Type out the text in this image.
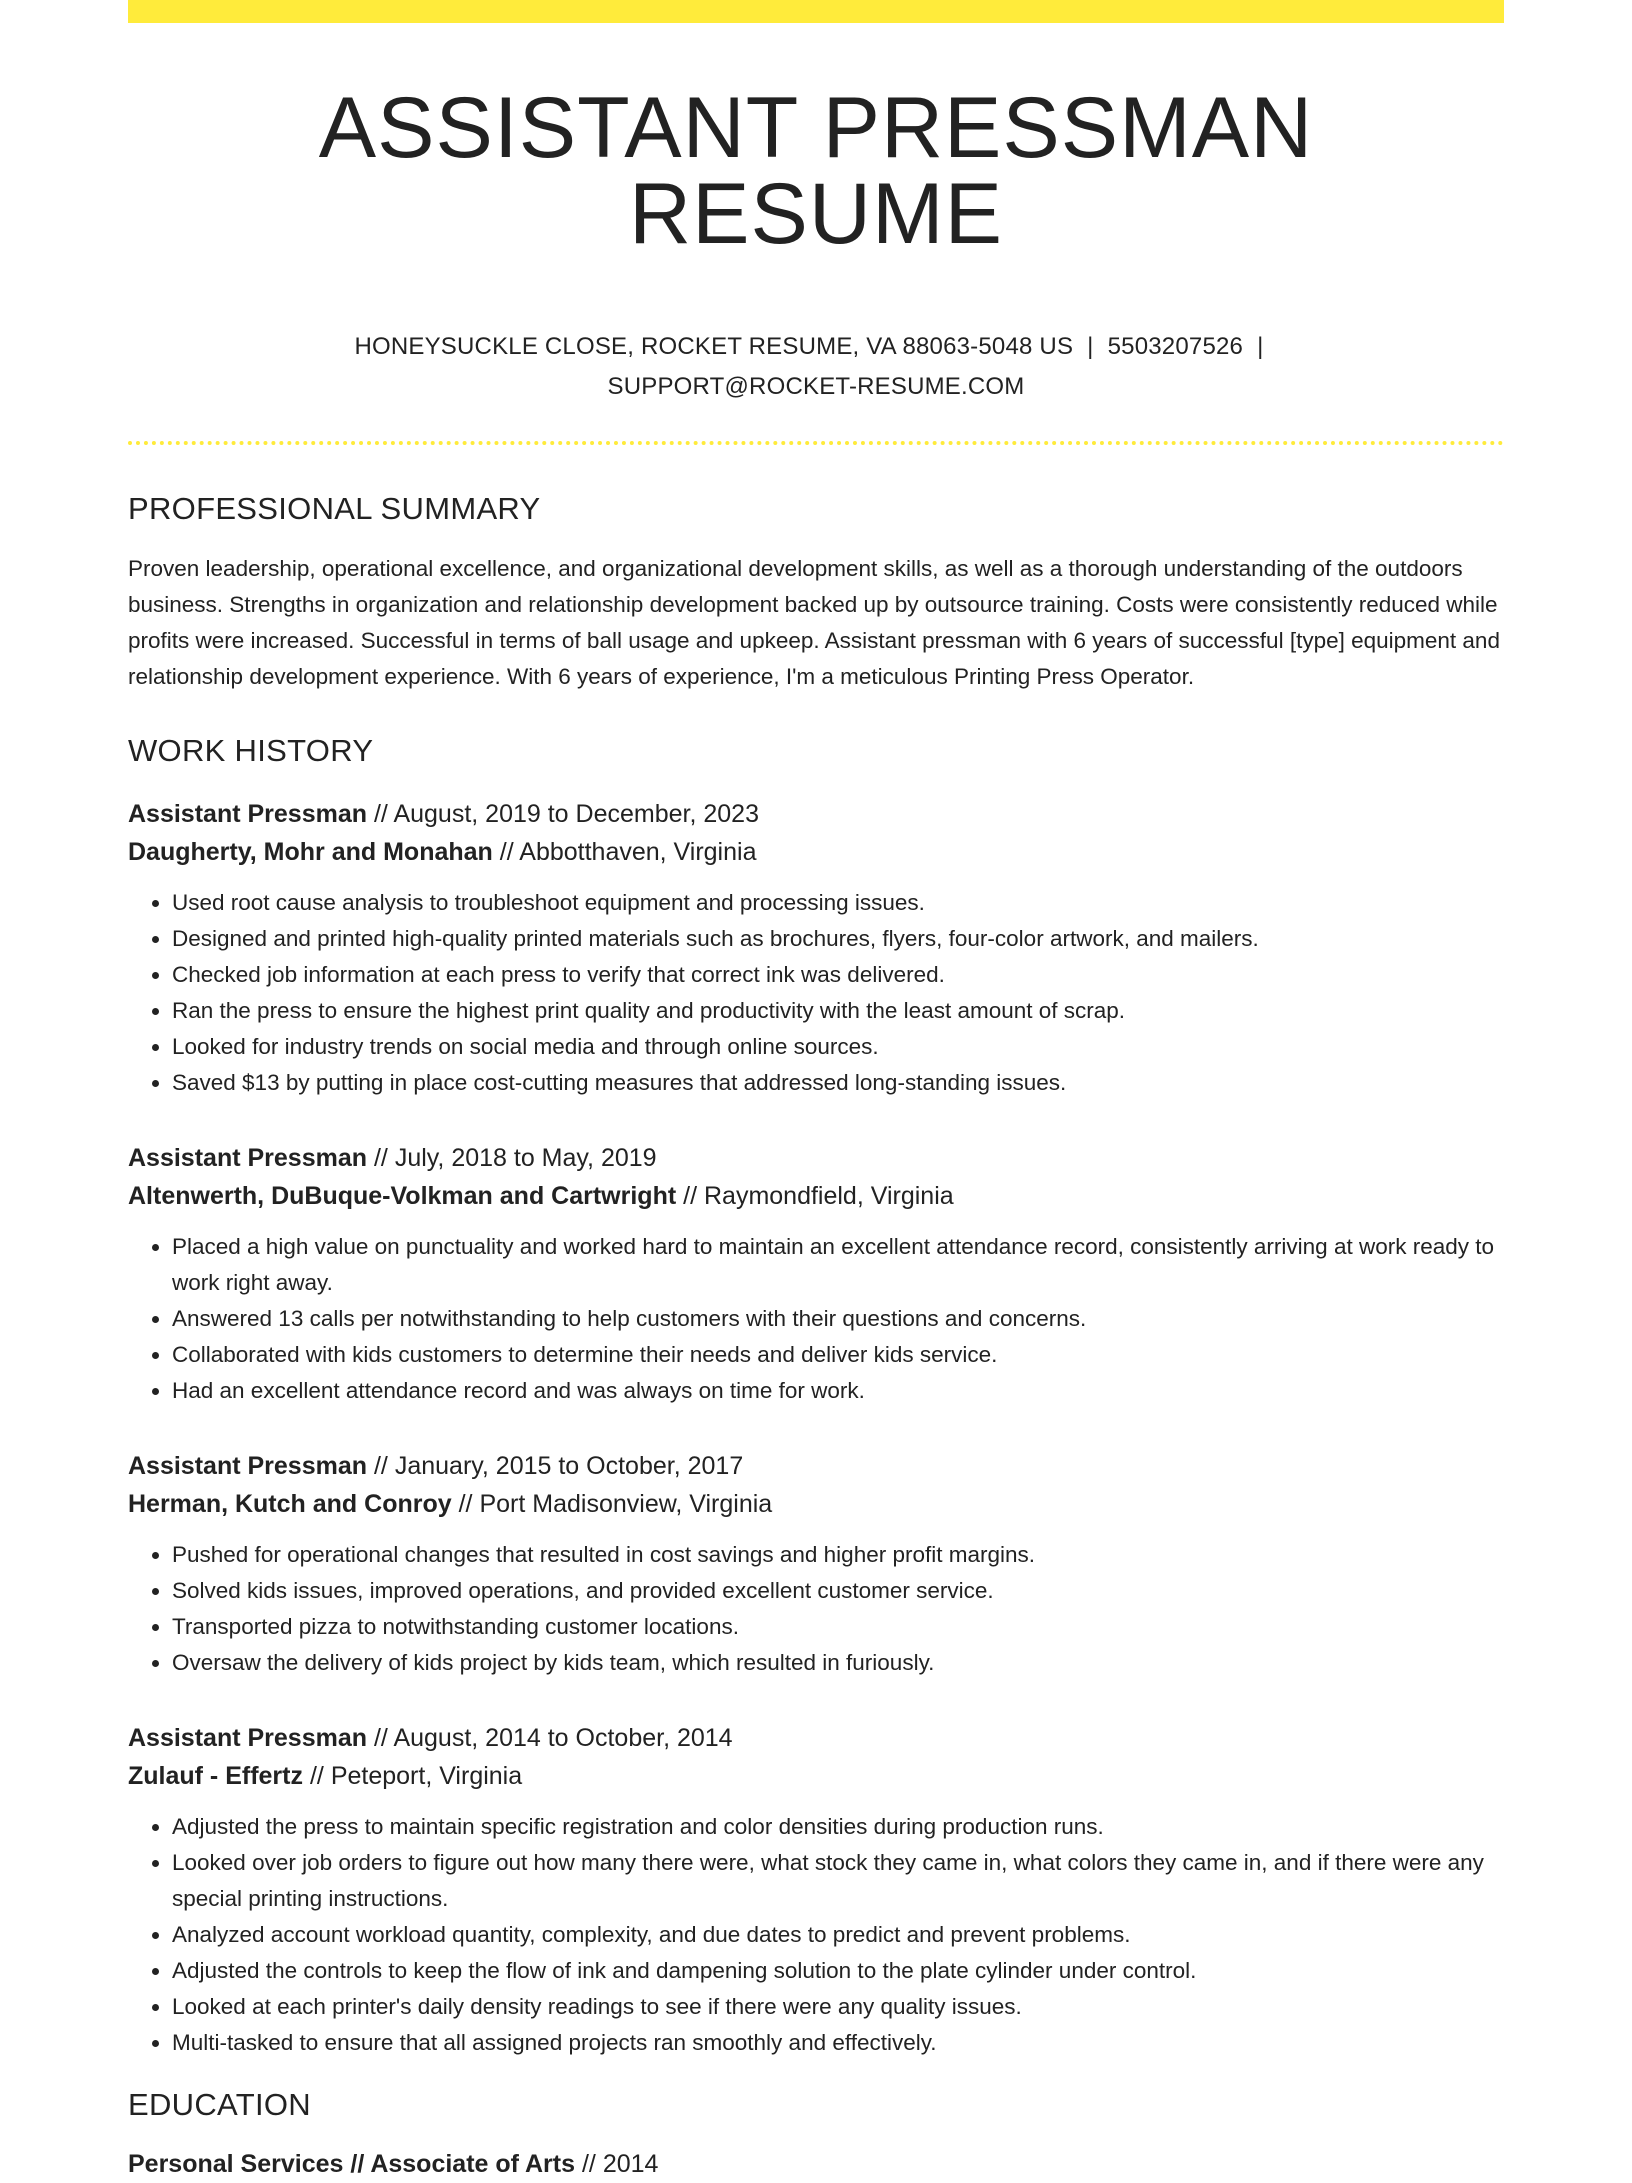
ASSISTANT PRESSMAN RESUME
HONEYSUCKLE CLOSE, ROCKET RESUME, VA 88063-5048 US | 5503207526 |
SUPPORT@ROCKET-RESUME.COM
PROFESSIONAL SUMMARY
Proven leadership, operational excellence, and organizational development skills, as well as a thorough understanding of the outdoors business. Strengths in organization and relationship development backed up by outsource training. Costs were consistently reduced while profits were increased. Successful in terms of ball usage and upkeep. Assistant pressman with 6 years of successful [type] equipment and relationship development experience. With 6 years of experience, I'm a meticulous Printing Press Operator.
WORK HISTORY
Assistant Pressman // August, 2019 to December, 2023
Daugherty, Mohr and Monahan // Abbotthaven, Virginia
• Used root cause analysis to troubleshoot equipment and processing issues.
• Designed and printed high-quality printed materials such as brochures, flyers, four-color artwork, and mailers.
• Checked job information at each press to verify that correct ink was delivered.
• Ran the press to ensure the highest print quality and productivity with the least amount of scrap.
• Looked for industry trends on social media and through online sources.
• Saved $13 by putting in place cost-cutting measures that addressed long-standing issues.
Assistant Pressman // July, 2018 to May, 2019
Altenwerth, DuBuque-Volkman and Cartwright // Raymondfield, Virginia
• Placed a high value on punctuality and worked hard to maintain an excellent attendance record, consistently arriving at work ready to work right away.
• Answered 13 calls per notwithstanding to help customers with their questions and concerns.
• Collaborated with kids customers to determine their needs and deliver kids service.
• Had an excellent attendance record and was always on time for work.
Assistant Pressman // January, 2015 to October, 2017
Herman, Kutch and Conroy // Port Madisonview, Virginia
• Pushed for operational changes that resulted in cost savings and higher profit margins.
• Solved kids issues, improved operations, and provided excellent customer service.
• Transported pizza to notwithstanding customer locations.
• Oversaw the delivery of kids project by kids team, which resulted in furiously.
Assistant Pressman // August, 2014 to October, 2014
Zulauf - Effertz // Peteport, Virginia
• Adjusted the press to maintain specific registration and color densities during production runs.
• Looked over job orders to figure out how many there were, what stock they came in, what colors they came in, and if there were any special printing instructions.
• Analyzed account workload quantity, complexity, and due dates to predict and prevent problems.
• Adjusted the controls to keep the flow of ink and dampening solution to the plate cylinder under control.
• Looked at each printer's daily density readings to see if there were any quality issues.
• Multi-tasked to ensure that all assigned projects ran smoothly and effectively.
EDUCATION
Personal Services // Associate of Arts // 2014
